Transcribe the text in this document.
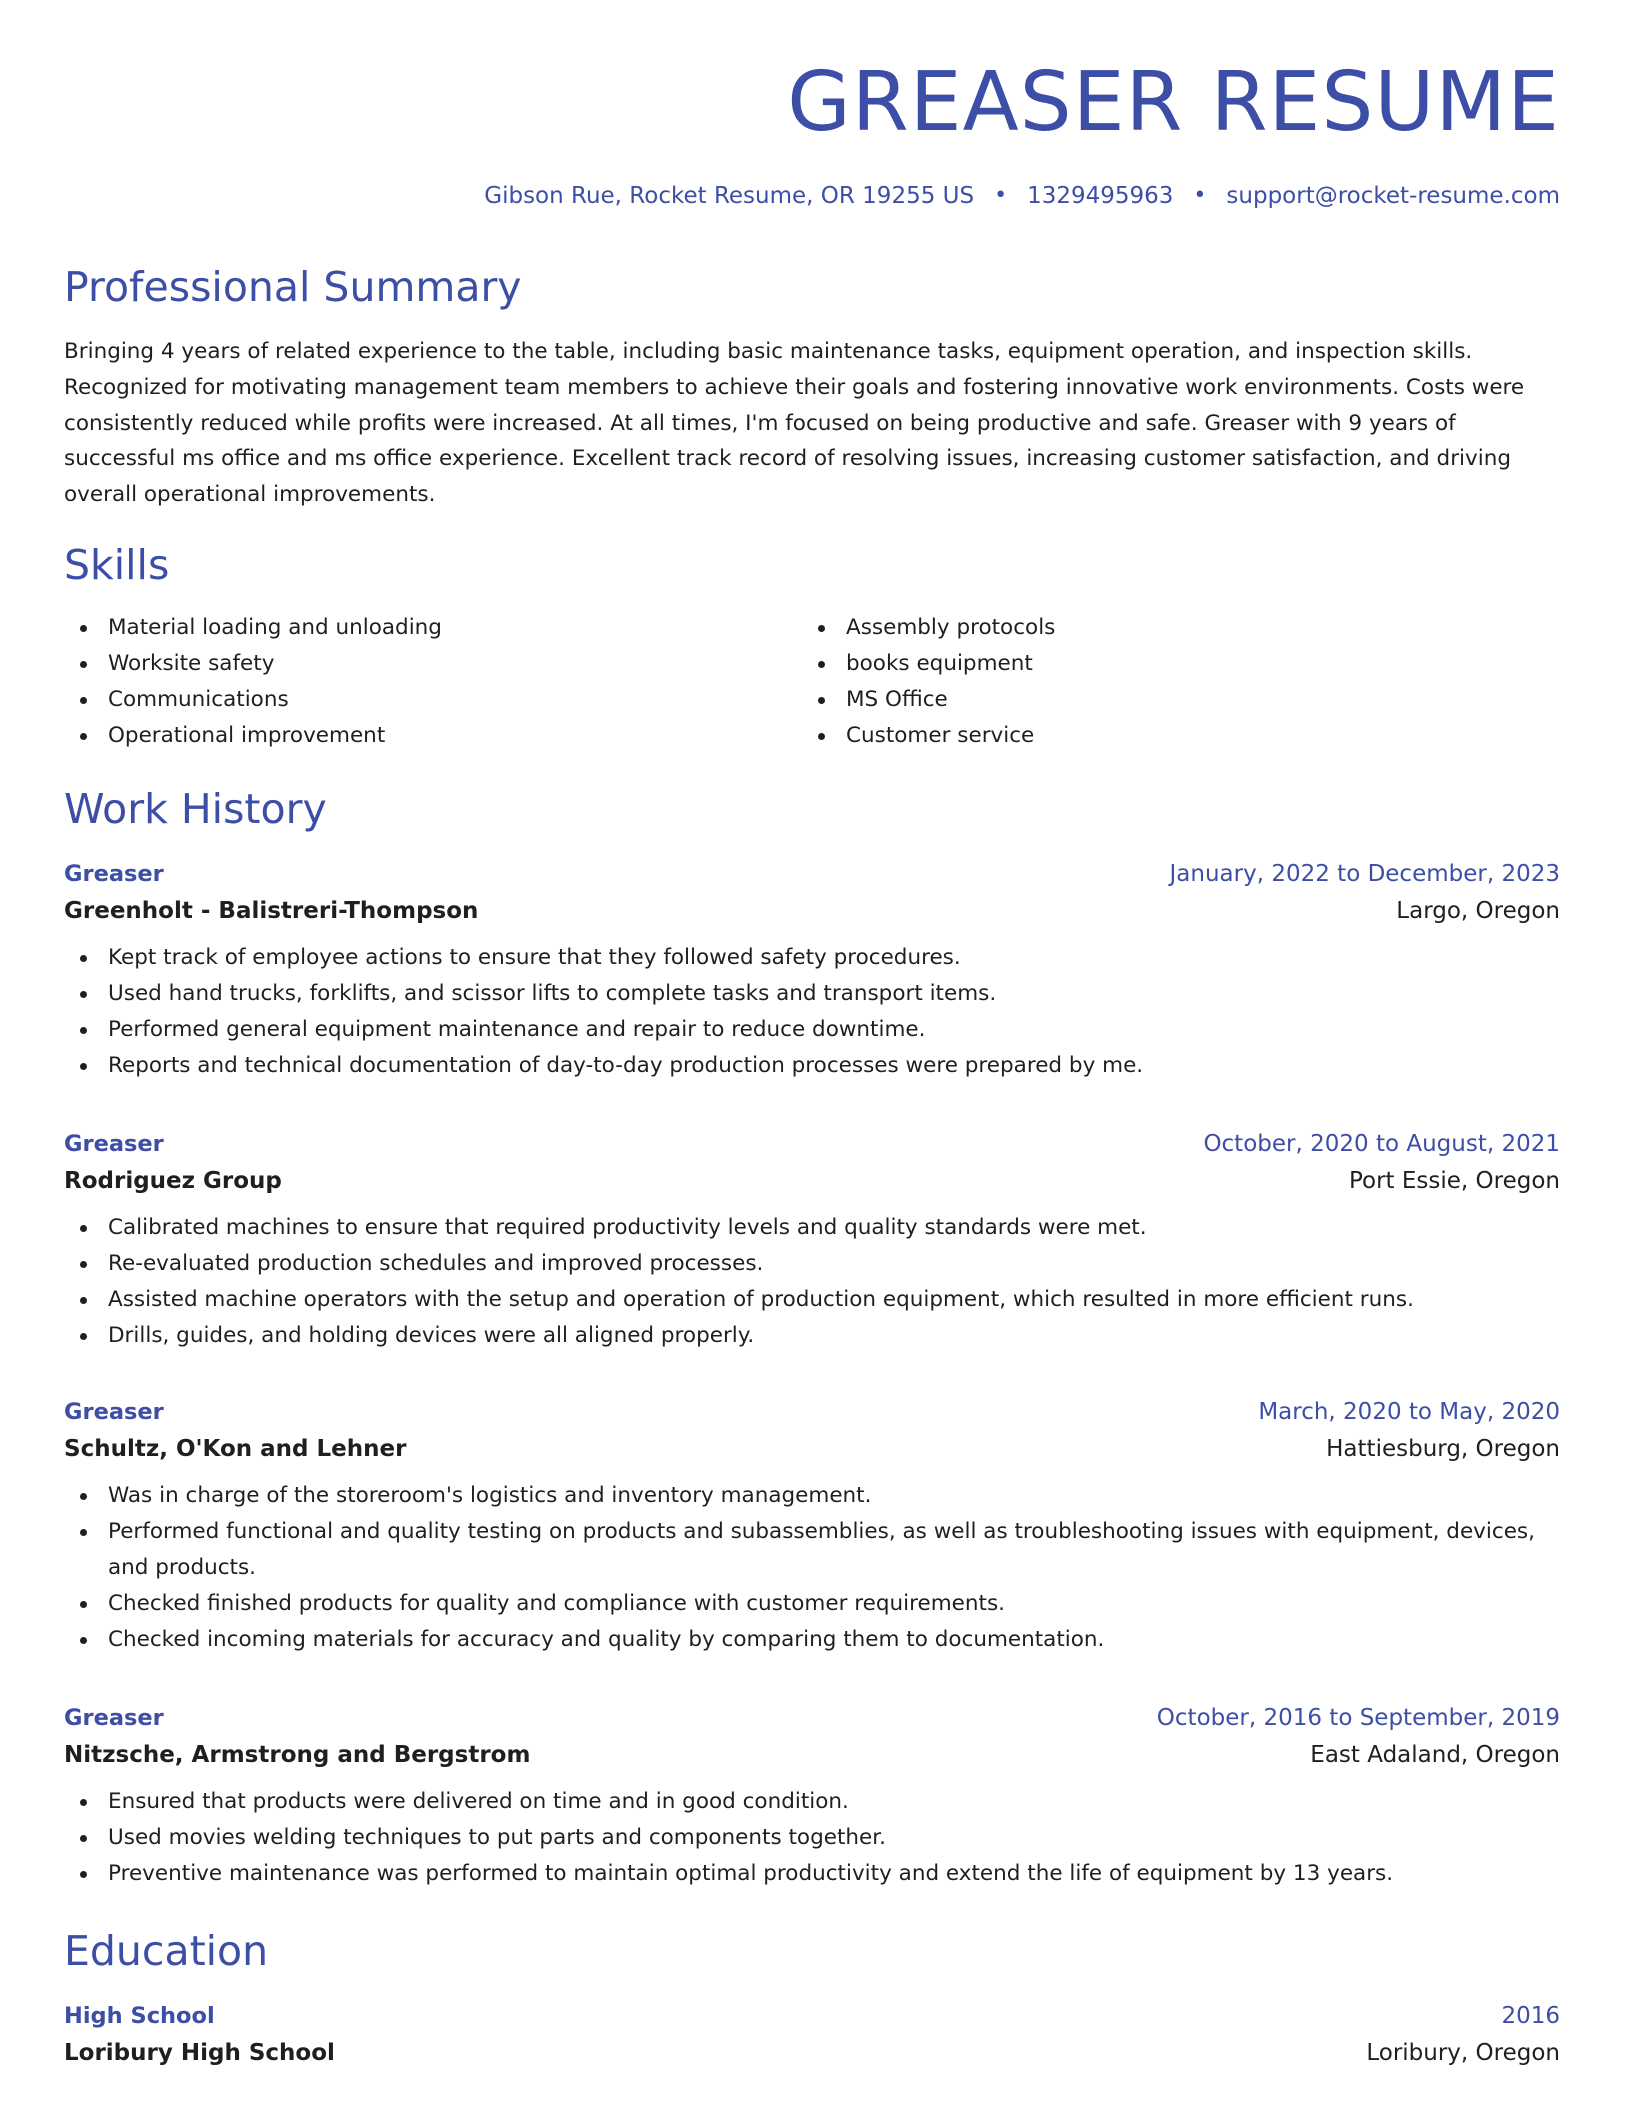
GREASER RESUME
Gibson Rue, Rocket Resume, OR 19255 US • 1329495963 • support@rocket-resume.com
Professional Summary

Bringing 4 years of related experience to the table, including basic maintenance tasks, equipment operation, and inspection skills. Recognized for motivating management team members to achieve their goals and fostering innovative work environments. Costs were consistently reduced while profits were increased. At all times, I'm focused on being productive and safe. Greaser with 9 years of successful ms office and ms office experience. Excellent track record of resolving issues, increasing customer satisfaction, and driving overall operational improvements.

Skills
Material loading and unloading
Worksite safety
Communications
Operational improvement
Assembly protocols
books equipment
MS Office
Customer service
Work History
Greaser	January, 2022 to December, 2023
Greenholt - Balistreri-Thompson	Largo, Oregon
Kept track of employee actions to ensure that they followed safety procedures.
Used hand trucks, forklifts, and scissor lifts to complete tasks and transport items.
Performed general equipment maintenance and repair to reduce downtime.
Reports and technical documentation of day-to-day production processes were prepared by me.
Greaser	October, 2020 to August, 2021
Rodriguez Group	Port Essie, Oregon
Calibrated machines to ensure that required productivity levels and quality standards were met.
Re-evaluated production schedules and improved processes.
Assisted machine operators with the setup and operation of production equipment, which resulted in more efficient runs.
Drills, guides, and holding devices were all aligned properly.
Greaser	March, 2020 to May, 2020
Schultz, O'Kon and Lehner	Hattiesburg, Oregon
Was in charge of the storeroom's logistics and inventory management.
Performed functional and quality testing on products and subassemblies, as well as troubleshooting issues with equipment, devices, and products.
Checked finished products for quality and compliance with customer requirements.
Checked incoming materials for accuracy and quality by comparing them to documentation.
Greaser	October, 2016 to September, 2019
Nitzsche, Armstrong and Bergstrom	East Adaland, Oregon
Ensured that products were delivered on time and in good condition.
Used movies welding techniques to put parts and components together.
Preventive maintenance was performed to maintain optimal productivity and extend the life of equipment by 13 years.
Education
High School	2016
Loribury High School	Loribury, Oregon
